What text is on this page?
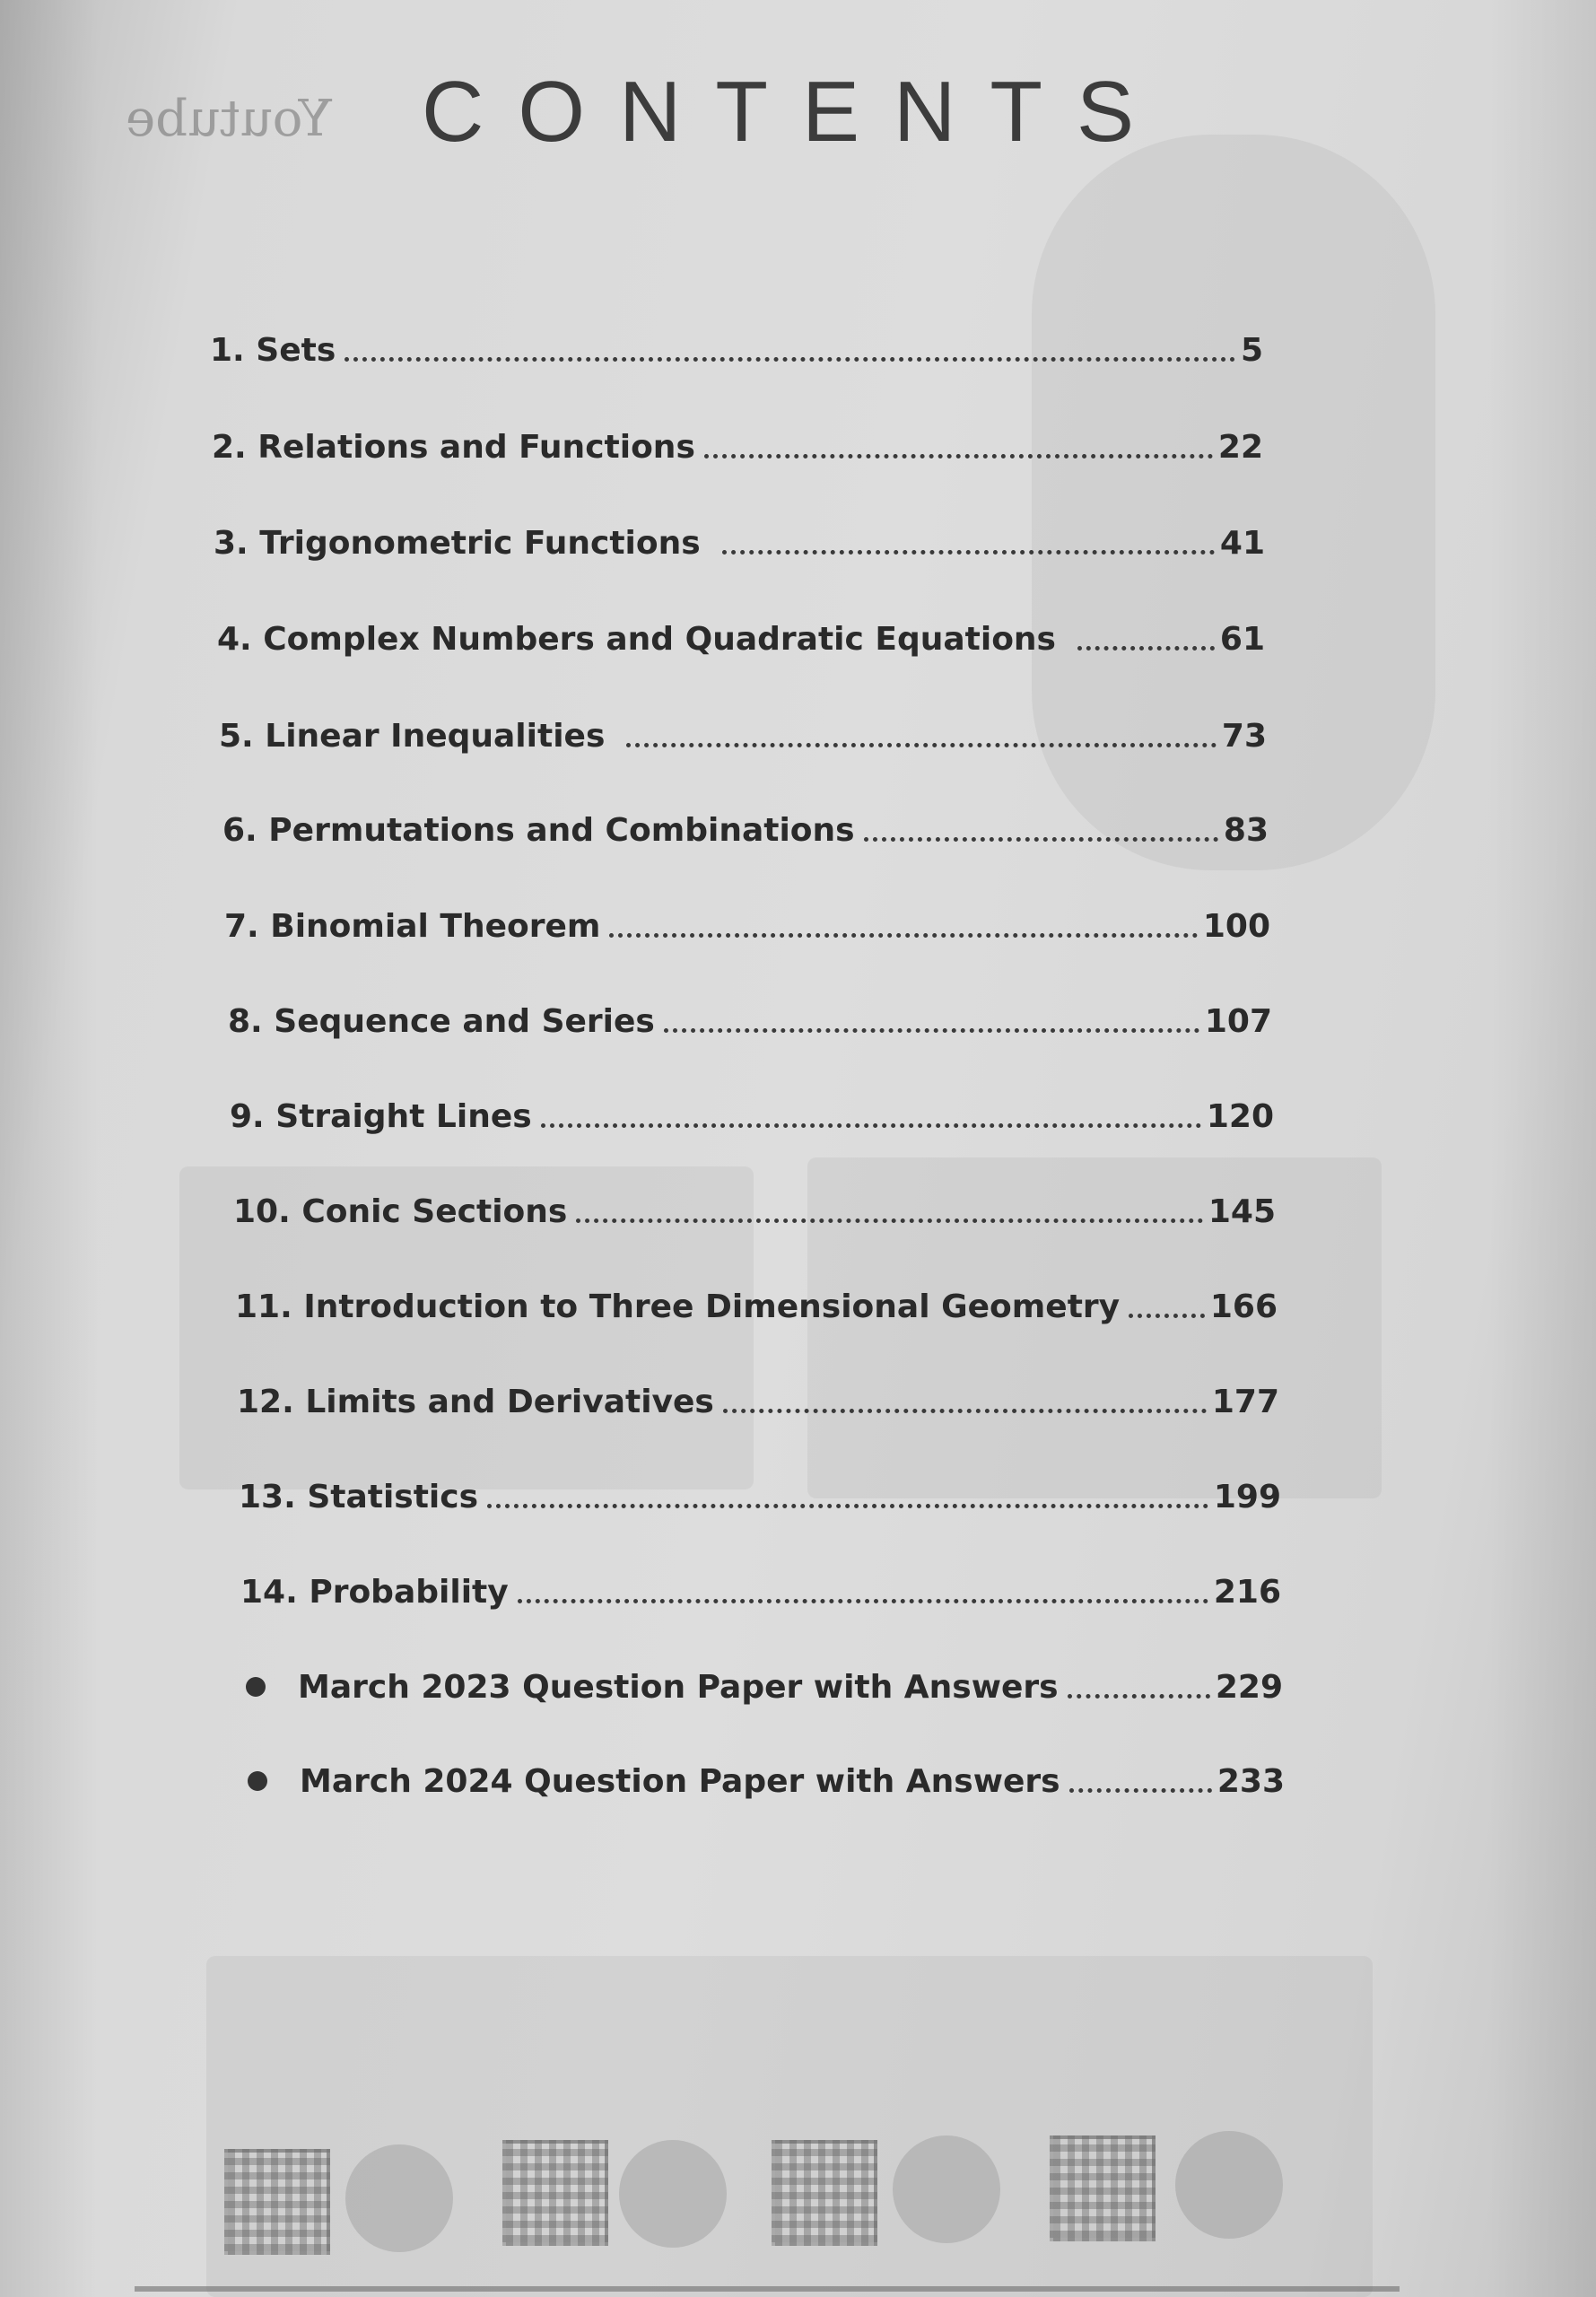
Youtube CONTENTS
1. Sets	5
2. Relations and Functions	22
3. Trigonometric Functions	41
4. Complex Numbers and Quadratic Equations	61
5. Linear Inequalities	73
6. Permutations and Combinations	83
7. Binomial Theorem	100
8. Sequence and Series	107
9. Straight Lines	120
10. Conic Sections	145
11. Introduction to Three Dimensional Geometry	166
12. Limits and Derivatives	177
13. Statistics	199
14. Probability	216
March 2023 Question Paper with Answers	229
March 2024 Question Paper with Answers	233
